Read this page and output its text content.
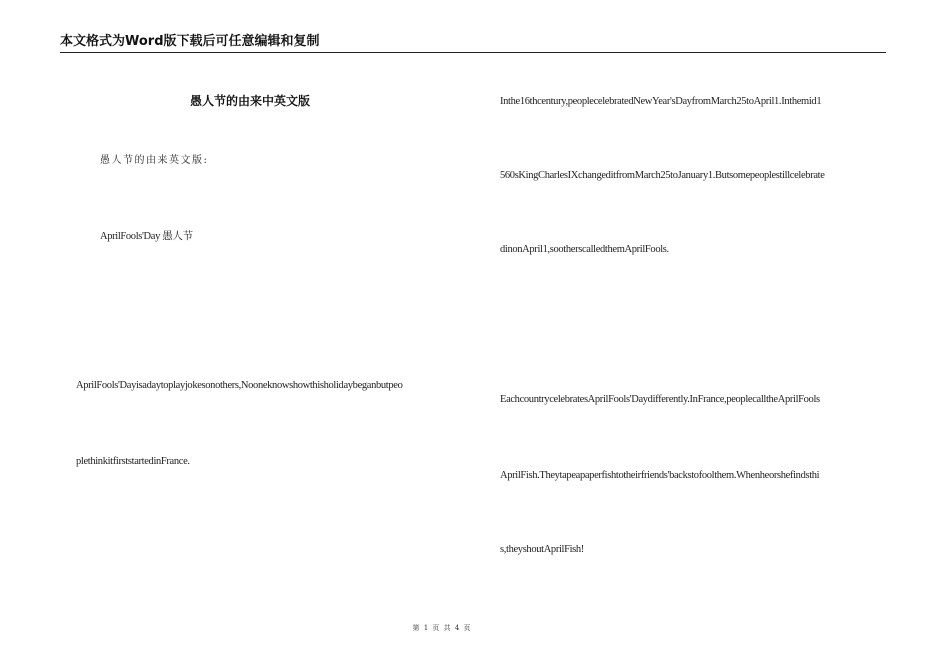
本文格式为Word版下载后可任意编辑和复制
愚人节的由来中英文版
愚人节的由来英文版:
AprilFools'Day 愚人节
AprilFools'Dayisadaytoplayjokesonothers,Nooneknowshowthisholidaybeganbutpeo
plethinkitfirststartedinFrance.
Inthe16thcentury,peoplecelebratedNewYear'sDayfromMarch25toApril1.Inthemid1
560sKingCharlesIXchangeditfromMarch25toJanuary1.Butsomepeoplestillcelebrate
dinonApril1,sootherscalledthemAprilFools.
EachcountrycelebratesAprilFools'Daydifferently.InFrance,peoplecalltheAprilFools
AprilFish.Theytapeapaperfishtotheirfriends'backstofoolthem.Whenheorshefindsthi
s,theyshoutAprilFish!
第 1 页 共 4 页
